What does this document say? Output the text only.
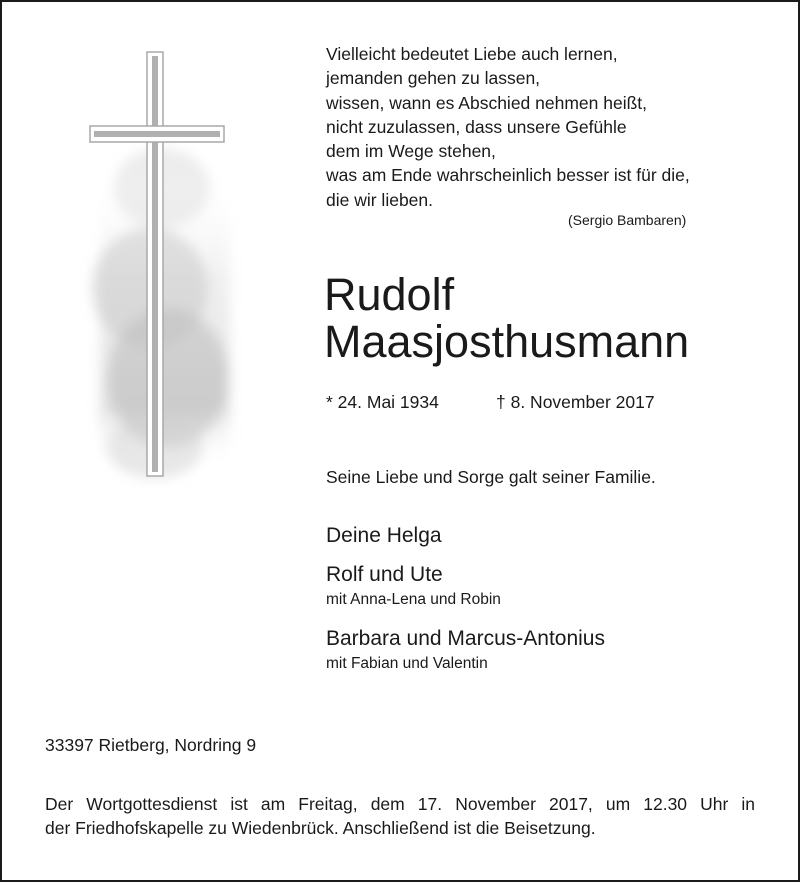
Vielleicht bedeutet Liebe auch lernen,
jemanden gehen zu lassen,
wissen, wann es Abschied nehmen heißt,
nicht zuzulassen, dass unsere Gefühle
dem im Wege stehen,
was am Ende wahrscheinlich besser ist für die,
die wir lieben.
(Sergio Bambaren)
Rudolf
Maasjosthusmann
* 24. Mai 1934	† 8. November 2017
Seine Liebe und Sorge galt seiner Familie.
Deine Helga
Rolf und Ute
mit Anna-Lena und Robin
Barbara und Marcus-Antonius
mit Fabian und Valentin
33397 Rietberg, Nordring 9
Der Wortgottesdienst ist am Freitag, dem 17. November 2017, um 12.30 Uhr in
der Friedhofskapelle zu Wiedenbrück. Anschließend ist die Beisetzung.
